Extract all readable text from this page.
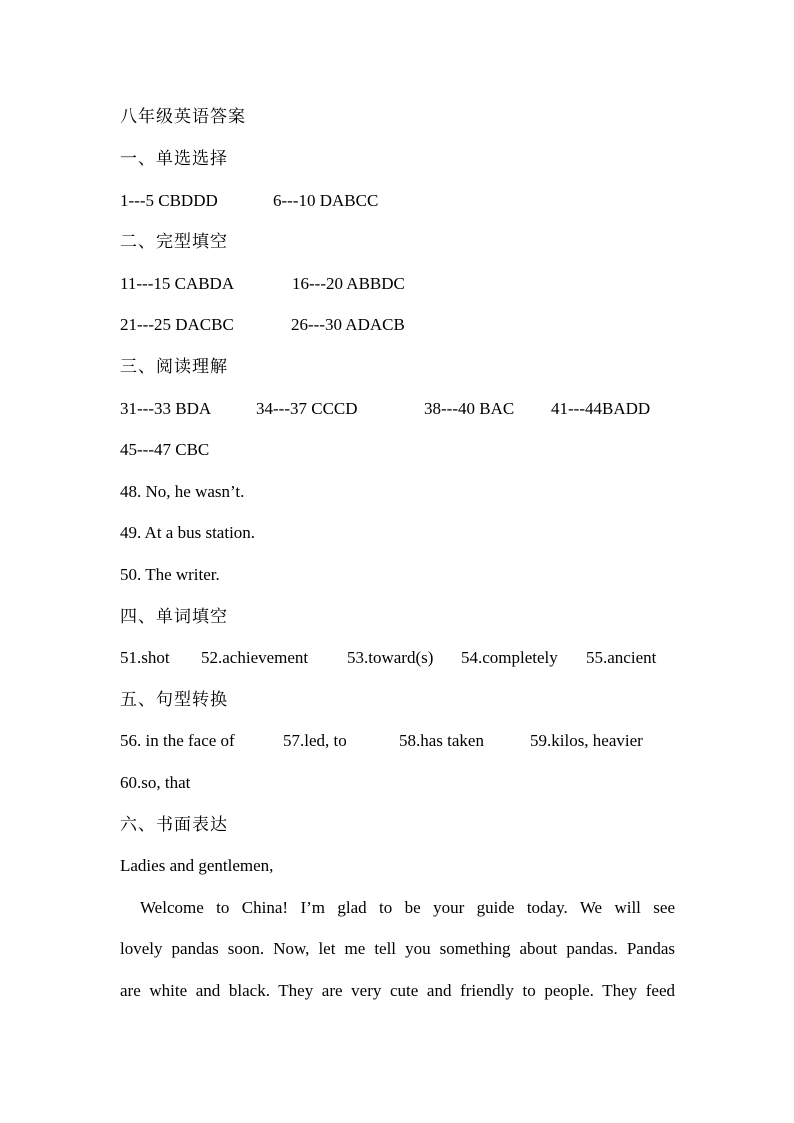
八年级英语答案
一、单选选择
1---5 CBDDD	6---10 DABCC
二、完型填空
11---15 CABDA	16---20 ABBDC
21---25 DACBC	26---30 ADACB
三、阅读理解
31---33 BDA	34---37 CCCD	38---40 BAC 41---44BADD
45---47 CBC
48. No, he wasn’t.
49. At a bus station.
50. The writer.
四、单词填空
51.shot 52.achievement 53.toward(s) 54.completely 55.ancient
五、句型转换
56. in the face of	57.led, to	58.has taken	59.kilos, heavier
60.so, that
六、书面表达
Ladies and gentlemen,
Welcome to China! I’m glad to be your guide today. We will see
lovely pandas soon. Now, let me tell you something about pandas. Pandas
are white and black. They are very cute and friendly to people. They feed
